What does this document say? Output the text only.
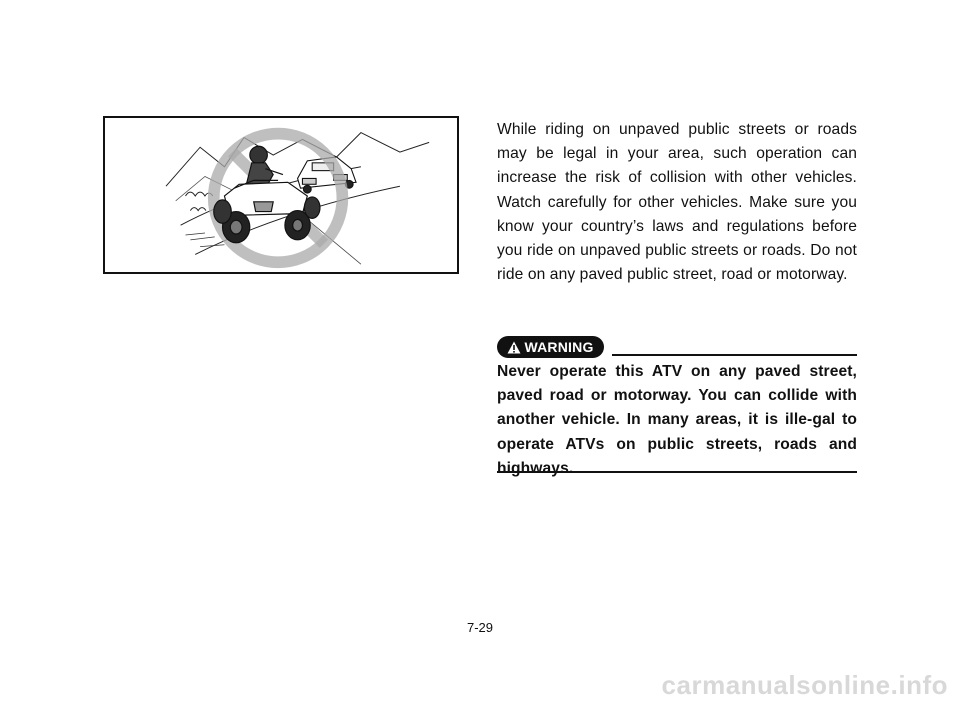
While riding on unpaved public streets or roads may be legal in your area, such operation can increase the risk of collision with other vehicles. Watch carefully for other vehicles. Make sure you know your country’s laws and regulations before you ride on unpaved public streets or roads. Do not ride on any paved public street, road or motorway.

WARNING

Never operate this ATV on any paved street, paved road or motorway. You can collide with another vehicle. In many areas, it is ille-gal to operate ATVs on public streets, roads and highways.

7-29
carmanualsonline.info
